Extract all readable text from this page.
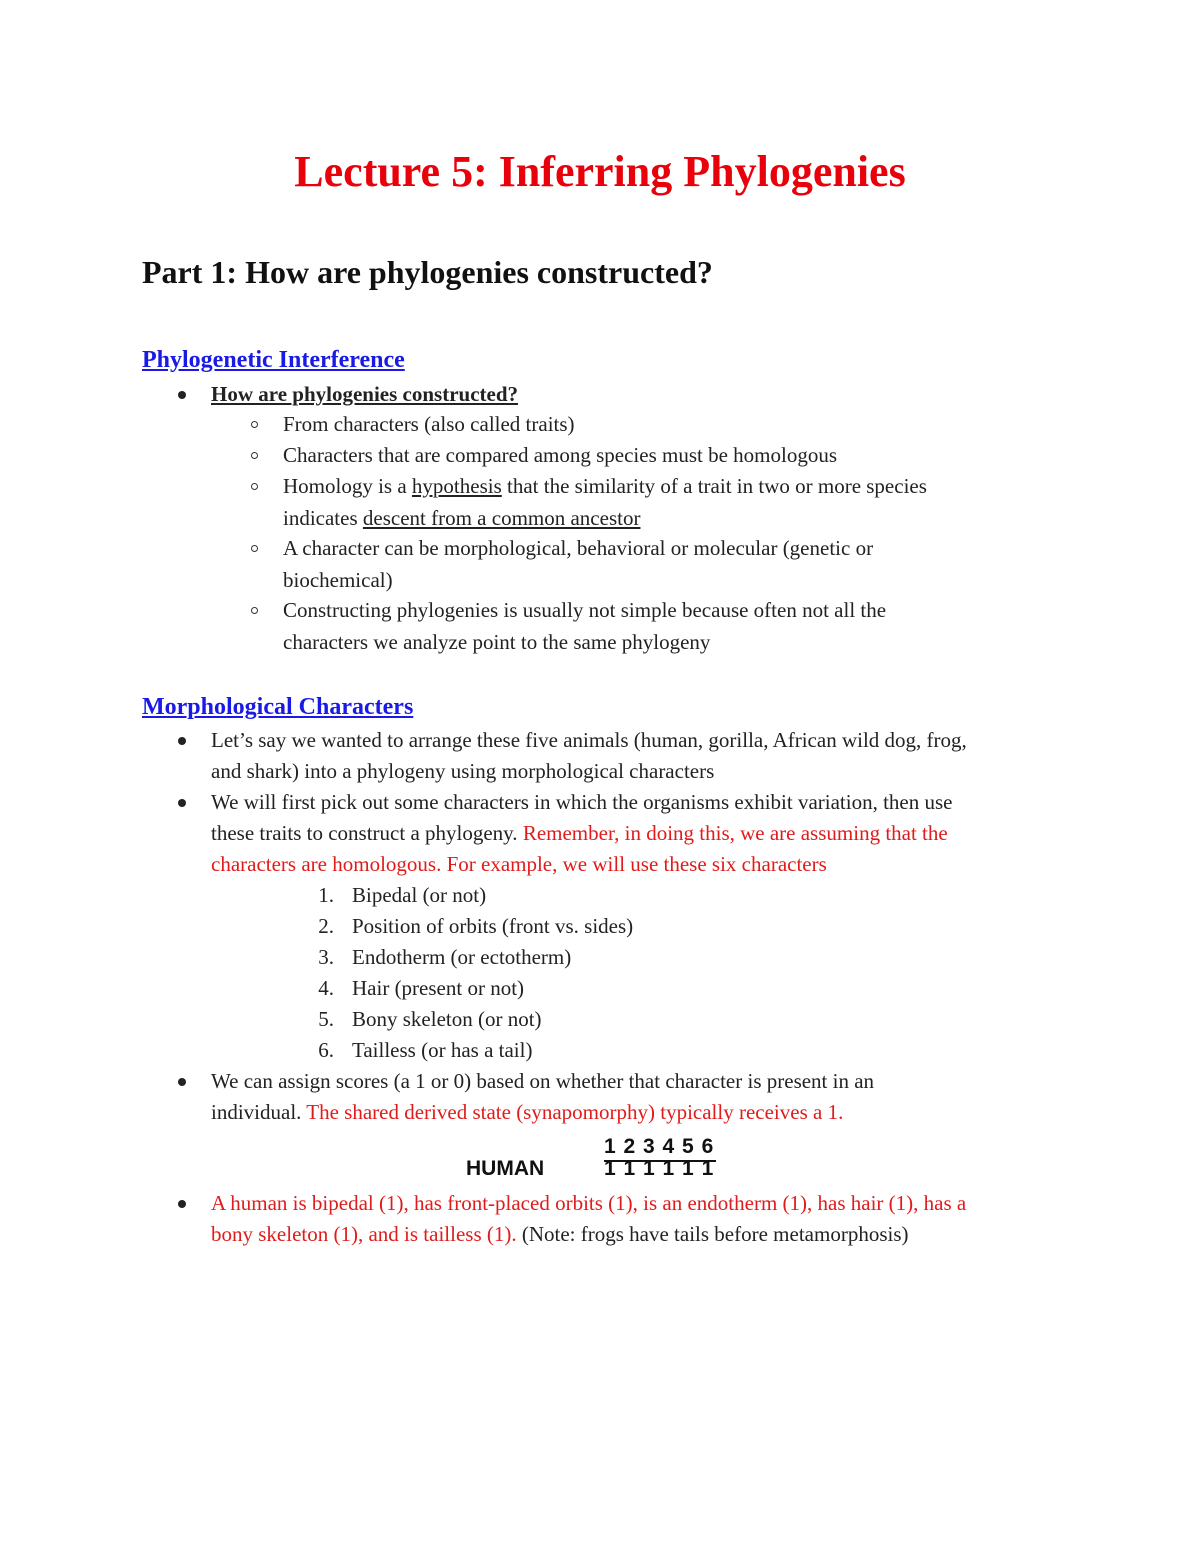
Lecture 5: Inferring Phylogenies
Part 1: How are phylogenies constructed?
Phylogenetic Interference
How are phylogenies constructed?
From characters (also called traits)
Characters that are compared among species must be homologous
Homology is a hypothesis that the similarity of a trait in two or more species
indicates descent from a common ancestor
A character can be morphological, behavioral or molecular (genetic or
biochemical)
Constructing phylogenies is usually not simple because often not all the
characters we analyze point to the same phylogeny
Morphological Characters
Let’s say we wanted to arrange these five animals (human, gorilla, African wild dog, frog,
and shark) into a phylogeny using morphological characters
We will first pick out some characters in which the organisms exhibit variation, then use
these traits to construct a phylogeny. Remember, in doing this, we are assuming that the
characters are homologous. For example, we will use these six characters
1. Bipedal (or not)
2. Position of orbits (front vs. sides)
3. Endotherm (or ectotherm)
4. Hair (present or not)
5. Bony skeleton (or not)
6. Tailless (or has a tail)
We can assign scores (a 1 or 0) based on whether that character is present in an
individual. The shared derived state (synapomorphy) typically receives a 1.
1 2 3 4 5 6
HUMAN	1 1 1 1 1 1
A human is bipedal (1), has front-placed orbits (1), is an endotherm (1), has hair (1), has a
bony skeleton (1), and is tailless (1). (Note: frogs have tails before metamorphosis)
